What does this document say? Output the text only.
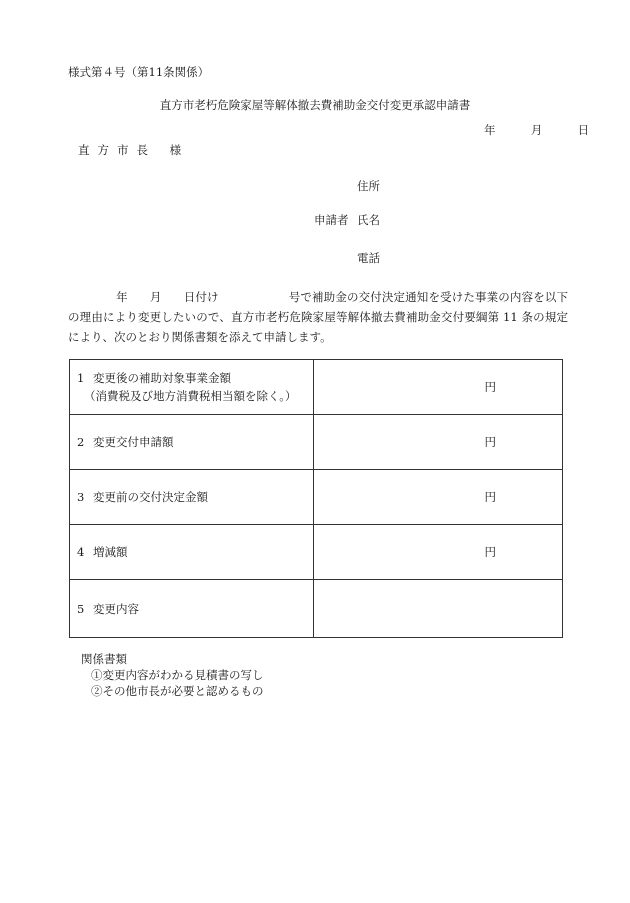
様式第４号（第11条関係）
直方市老朽危険家屋等解体撤去費補助金交付変更承認申請書
年	月	日
直方市長 様
住所
申請者 氏名
電話
年 月 日付け	号で補助金の交付決定通知を受けた事業の内容を以下の理由により変更したいので、直方市老朽危険家屋等解体撤去費補助金交付要綱第 11 条の規定により、次のとおり関係書類を添えて申請します。
1 変更後の補助対象事業金額
（消費税及び地方消費税相当額を除く。）	円
2 変更交付申請額	円
3 変更前の交付決定金額	円
4 増減額	円
5 変更内容	
関係書類
①変更内容がわかる見積書の写し
②その他市長が必要と認めるもの
